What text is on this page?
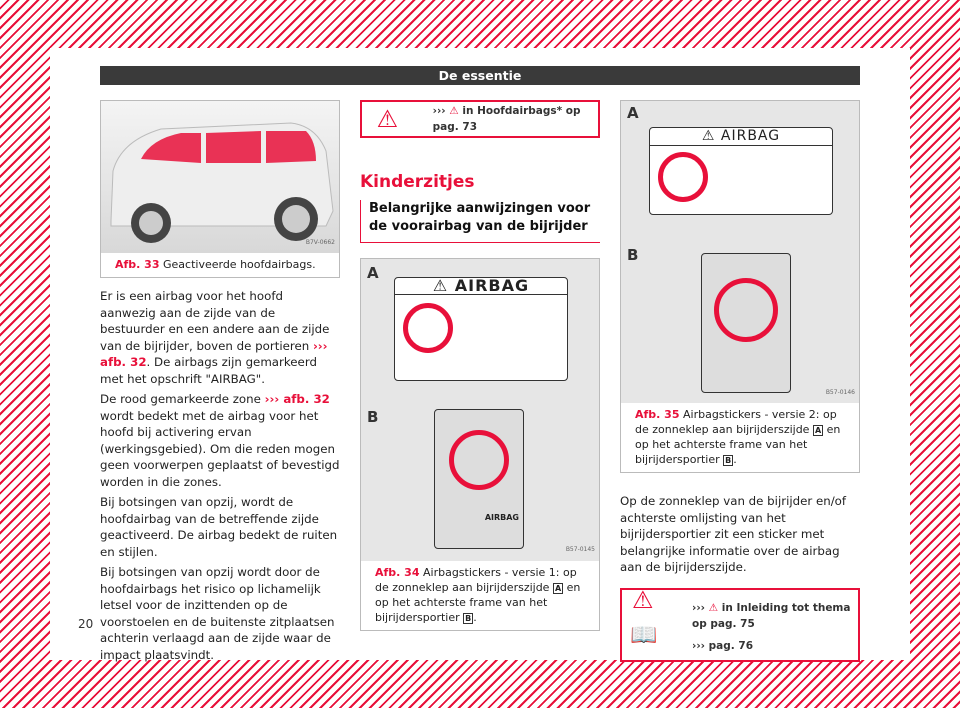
De essentie
B7V-0662
Afb. 33 Geactiveerde hoofdairbags.

Er is een airbag voor het hoofd aanwezig aan de zijde van de bestuurder en een andere aan de zijde van de bijrijder, boven de portieren ››› afb. 32. De airbags zijn gemarkeerd met het opschrift "AIRBAG".

De rood gemarkeerde zone ››› afb. 32 wordt bedekt met de airbag voor het hoofd bij activering ervan (werkingsgebied). Om die reden mogen geen voorwerpen geplaatst of bevestigd worden in die zones.

Bij botsingen van opzij, wordt de hoofdairbag van de betreffende zijde geactiveerd. De airbag bedekt de ruiten en stijlen.

Bij botsingen van opzij wordt door de hoofdairbags het risico op lichamelijk letsel voor de inzittenden op de voorstoelen en de buitenste zitplaatsen achterin verlaagd aan de zijde waar de impact plaatsvindt.

⚠	››› ⚠ in Hoofdairbags* op pag. 73
Kinderzitjes
Belangrijke aanwijzingen voor de voorairbag van de bijrijder
A
⚠ AIRBAG
B
AIRBAG
B57-0145
Afb. 34 Airbagstickers - versie 1: op de zonneklep aan bijrijderszijde A en op het achterste frame van het bijrijdersportier B .
A
⚠ AIRBAG
B
B57-0146
Afb. 35 Airbagstickers - versie 2: op de zonneklep aan bijrijderszijde A en op het achterste frame van het bijrijdersportier B .

Op de zonneklep van de bijrijder en/of achterste omlijsting van het bijrijdersportier zit een sticker met belangrijke informatie over de airbag aan de bijrijderszijde.

⚠	››› ⚠ in Inleiding tot thema op pag. 75
📖	››› pag. 76
20
